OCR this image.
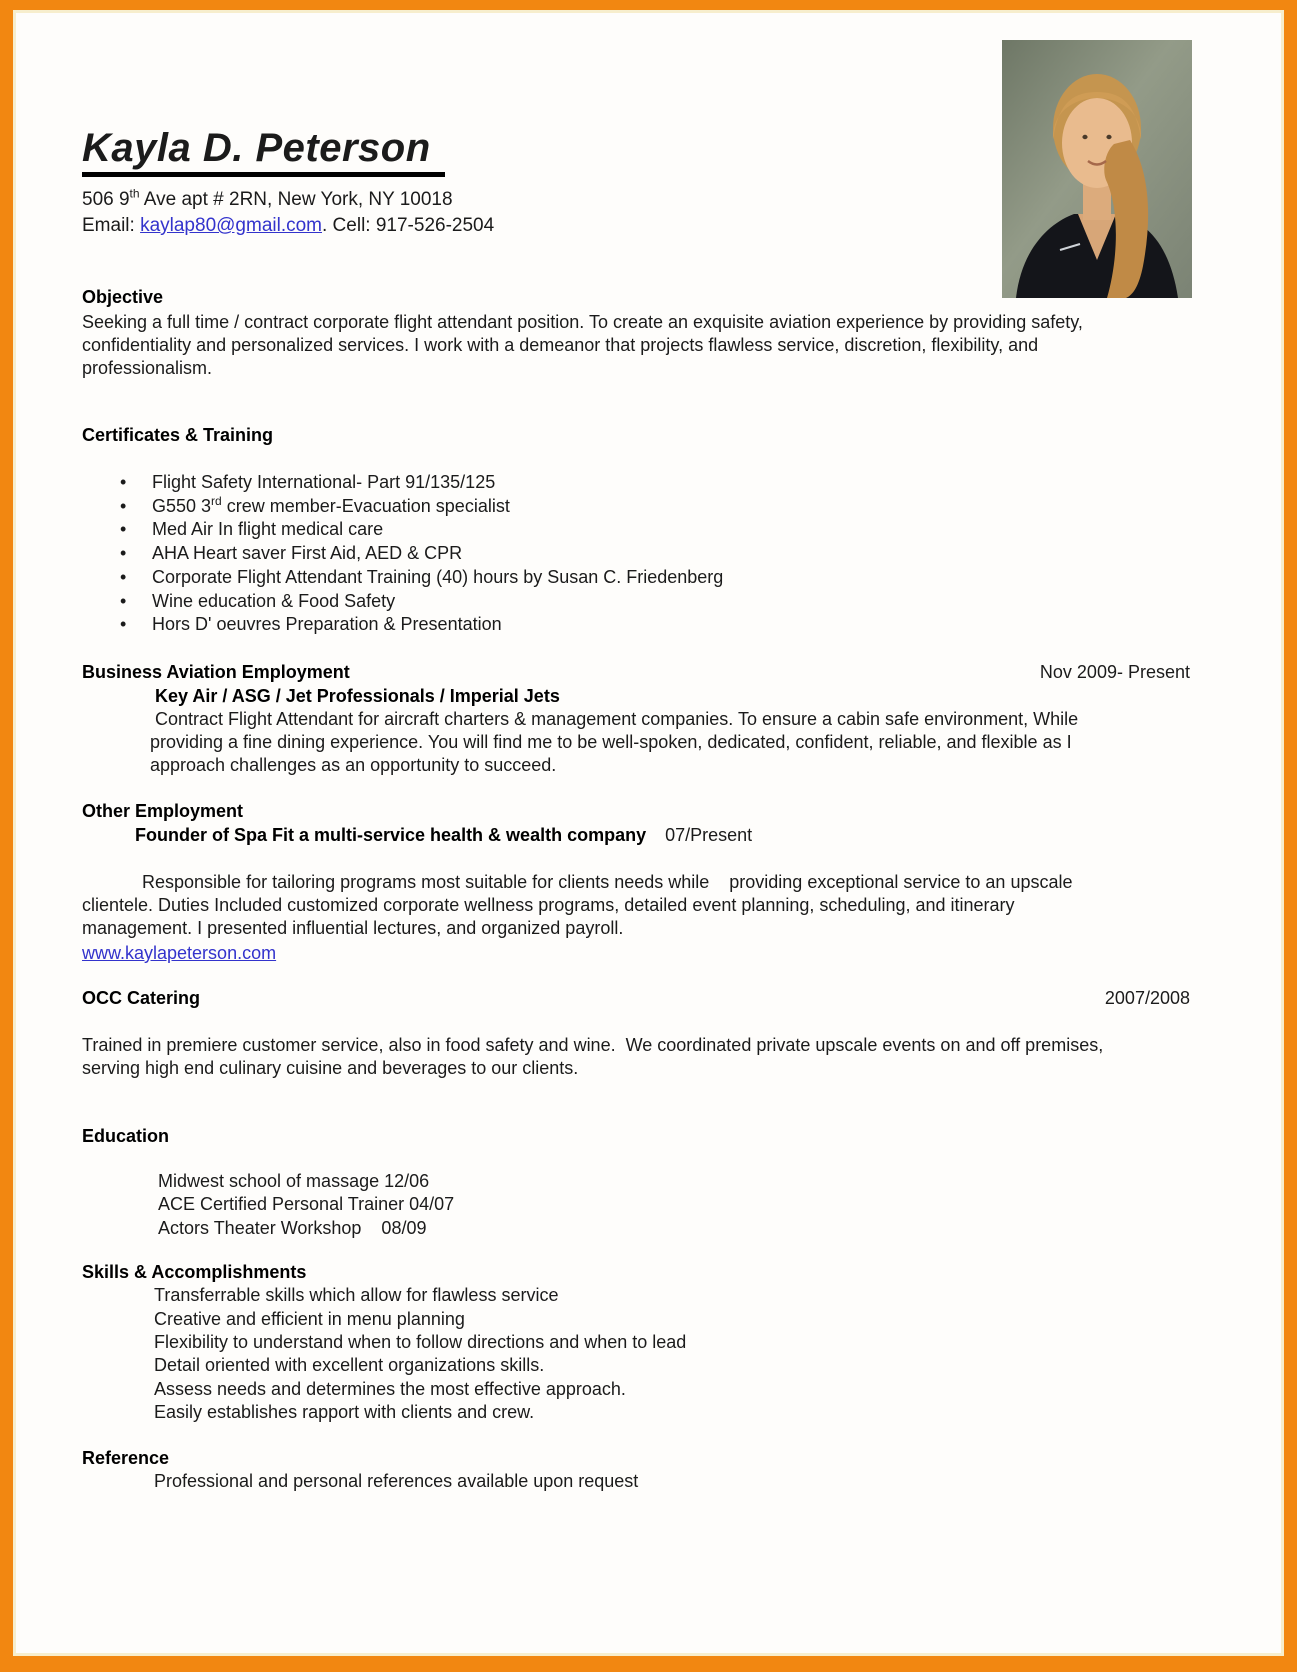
Kayla D. Peterson
506 9th Ave apt # 2RN, New York, NY 10018
Email: kaylap80@gmail.com. Cell: 917-526-2504
Objective
Seeking a full time / contract corporate flight attendant position. To create an exquisite aviation experience by providing safety, confidentiality and personalized services. I work with a demeanor that projects flawless service, discretion, flexibility, and professionalism.
Certificates & Training
• Flight Safety International- Part 91/135/125
• G550 3rd crew member-Evacuation specialist
• Med Air In flight medical care
• AHA Heart saver First Aid, AED & CPR
• Corporate Flight Attendant Training (40) hours by Susan C. Friedenberg
• Wine education & Food Safety
• Hors D' oeuvres Preparation & Presentation
Business Aviation Employment	Nov 2009- Present
Key Air / ASG / Jet Professionals / Imperial Jets
Contract Flight Attendant for aircraft charters & management companies. To ensure a cabin safe environment, While providing a fine dining experience. You will find me to be well-spoken, dedicated, confident, reliable, and flexible as I approach challenges as an opportunity to succeed.
Other Employment
Founder of Spa Fit a multi-service health & wealth company 07/Present
Responsible for tailoring programs most suitable for clients needs while    providing exceptional service to an upscale clientele. Duties Included customized corporate wellness programs, detailed event planning, scheduling, and itinerary management. I presented influential lectures, and organized payroll.
www.kaylapeterson.com
OCC Catering	2007/2008
Trained in premiere customer service, also in food safety and wine.  We coordinated private upscale events on and off premises, serving high end culinary cuisine and beverages to our clients.
Education
Midwest school of massage 12/06
ACE Certified Personal Trainer 04/07
Actors Theater Workshop    08/09
Skills & Accomplishments
Transferrable skills which allow for flawless service
Creative and efficient in menu planning
Flexibility to understand when to follow directions and when to lead
Detail oriented with excellent organizations skills.
Assess needs and determines the most effective approach.
Easily establishes rapport with clients and crew.
Reference
Professional and personal references available upon request
